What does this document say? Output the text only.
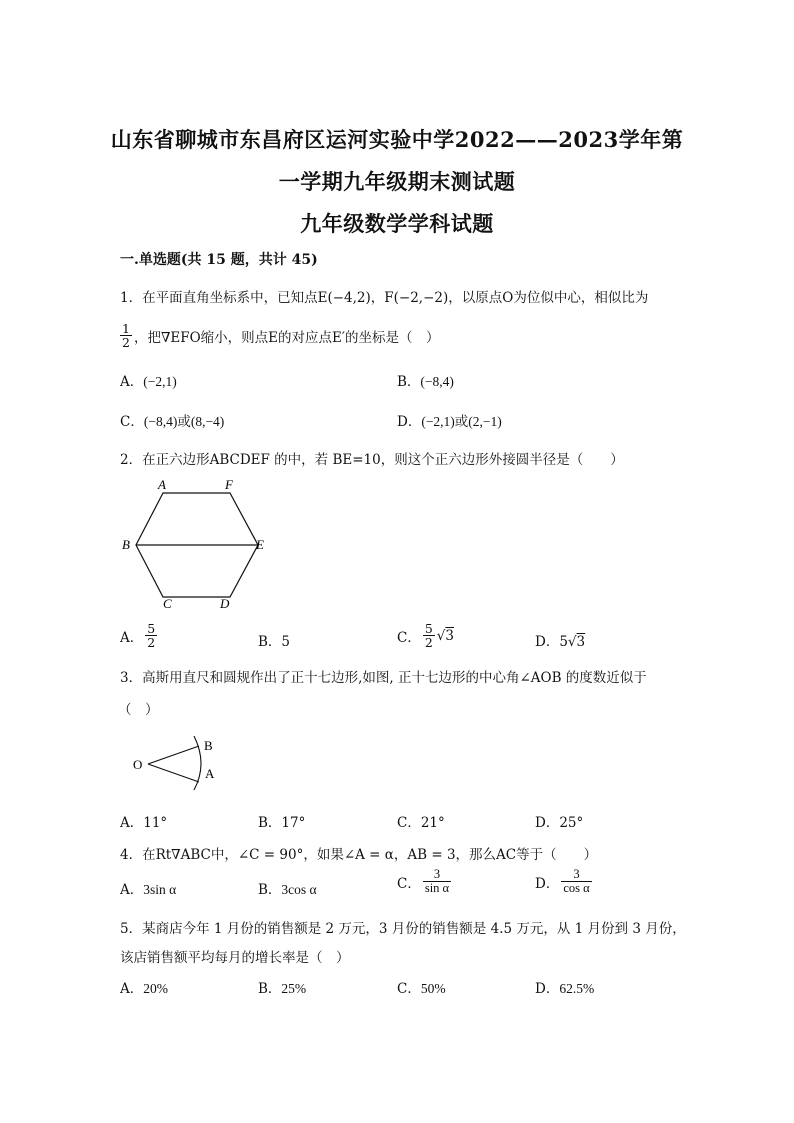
山东省聊城市东昌府区运河实验中学2022——2023学年第
一学期九年级期末测试题
九年级数学学科试题
一.单选题(共 15 题，共计 45)
1．在平面直角坐标系中，已知点E(−4,2)，F(−2,−2)，以原点O为位似中心，相似比为
$\frac{1}{2}$ ，把∇EFO缩小，则点E的对应点E′的坐标是（　）
A．(−2,1)	B．(−8,4)
C．(−8,4)或(8,−4)	D．(−2,1)或(2,−1)
2．在正六边形ABCDEF 的中，若 BE=10，则这个正六边形外接圆半径是（　　）
A	F
B	E
C	D
A． $\frac{5}{2}$	B．5	C． $\frac{5}{2}$ √ 3	D．5√3
3．高斯用直尺和圆规作出了正十七边形,如图, 正十七边形的中心角∠AOB 的度数近似于
（　）
O
B
A
A．11°	B．17°	C．21°	D．25°
4．在Rt∇ABC中，∠C = 90°，如果∠A = α，AB = 3，那么AC等于（　　）
A．3sin α	B．3cos α	C． $\frac{3}{\text{sin α}}$	D． $\frac{3}{\text{cos α}}$
5．某商店今年 1 月份的销售额是 2 万元，3 月份的销售额是 4.5 万元，从 1 月份到 3 月份，
该店销售额平均每月的增长率是（　）
A．20%	B．25%	C．50%	D．62.5%
